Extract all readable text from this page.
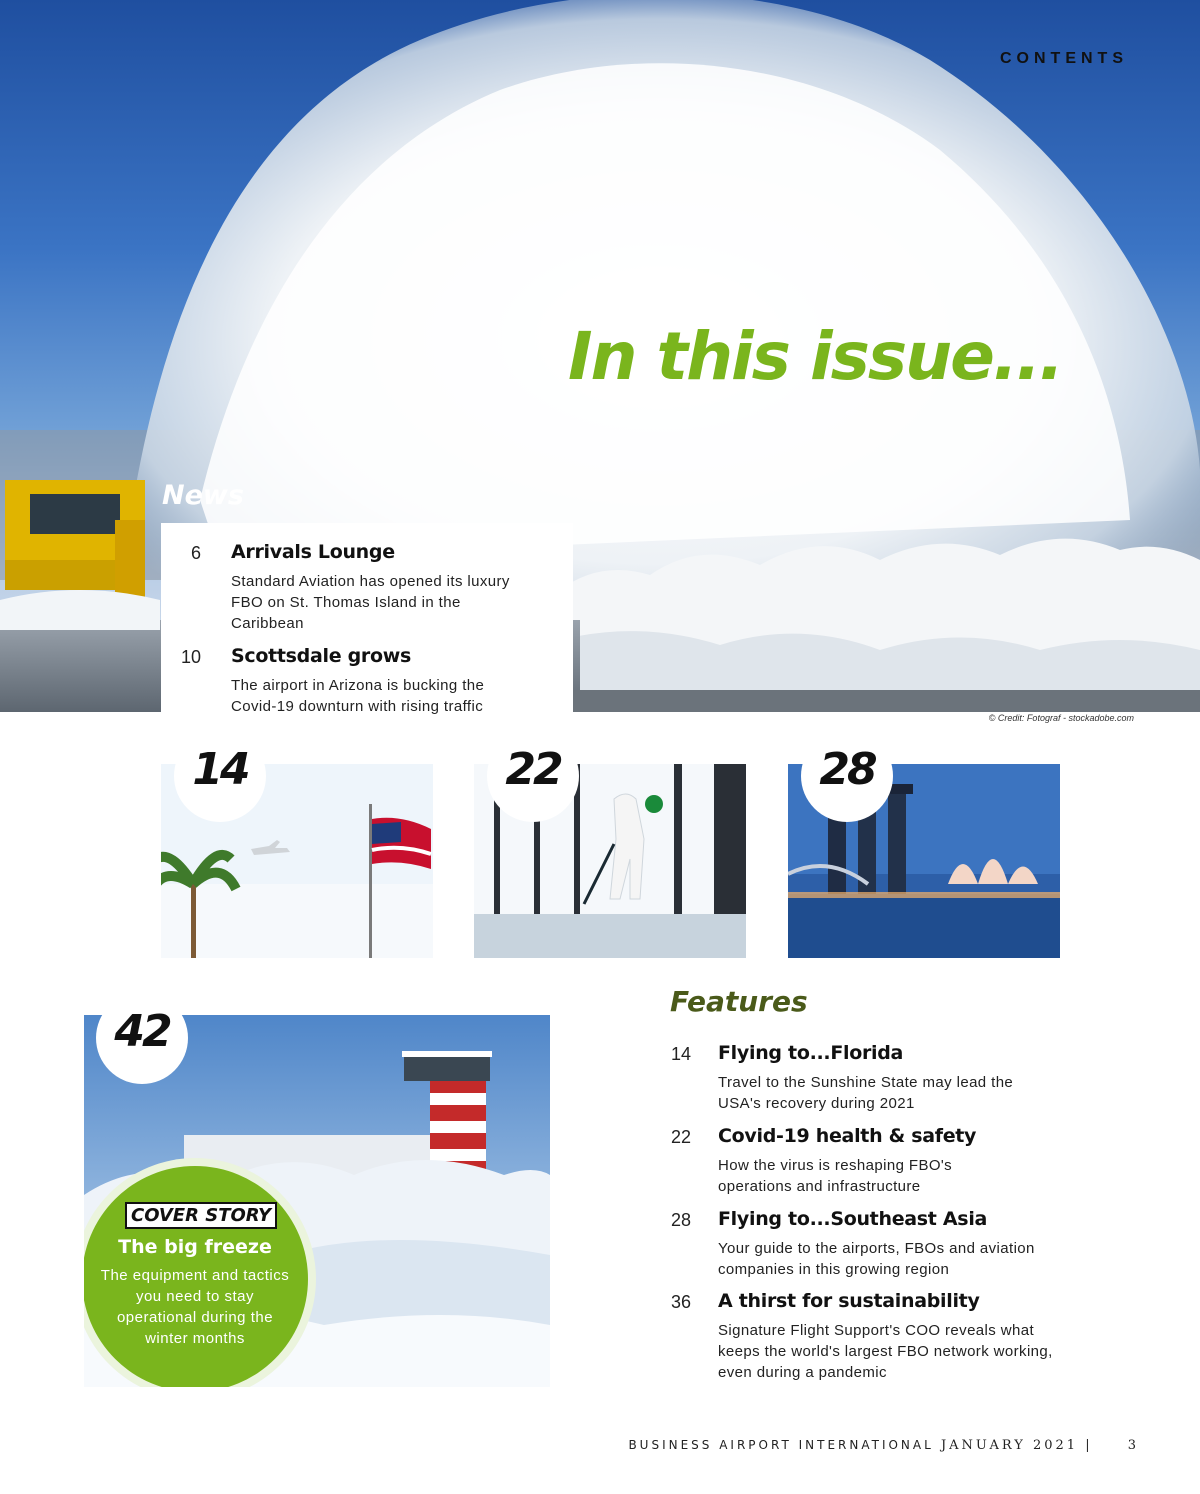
CONTENTS
In this issue...
News
6 Arrivals Lounge
Standard Aviation has opened its luxury FBO on St. Thomas Island in the Caribbean
10 Scottsdale grows
The airport in Arizona is bucking the Covid-19 downturn with rising traffic
© Credit: Fotograf - stockadobe.com
14	22	28
42
COVER STORY
The big freeze
The equipment and tactics you need to stay operational during the winter months
Features
14 Flying to...Florida
Travel to the Sunshine State may lead the USA's recovery during 2021
22 Covid-19 health & safety
How the virus is reshaping FBO's operations and infrastructure
28 Flying to...Southeast Asia
Your guide to the airports, FBOs and aviation companies in this growing region
36 A thirst for sustainability
Signature Flight Support's COO reveals what keeps the world's largest FBO network working, even during a pandemic
BUSINESS AIRPORT INTERNATIONAL JANUARY 2021 |	3
